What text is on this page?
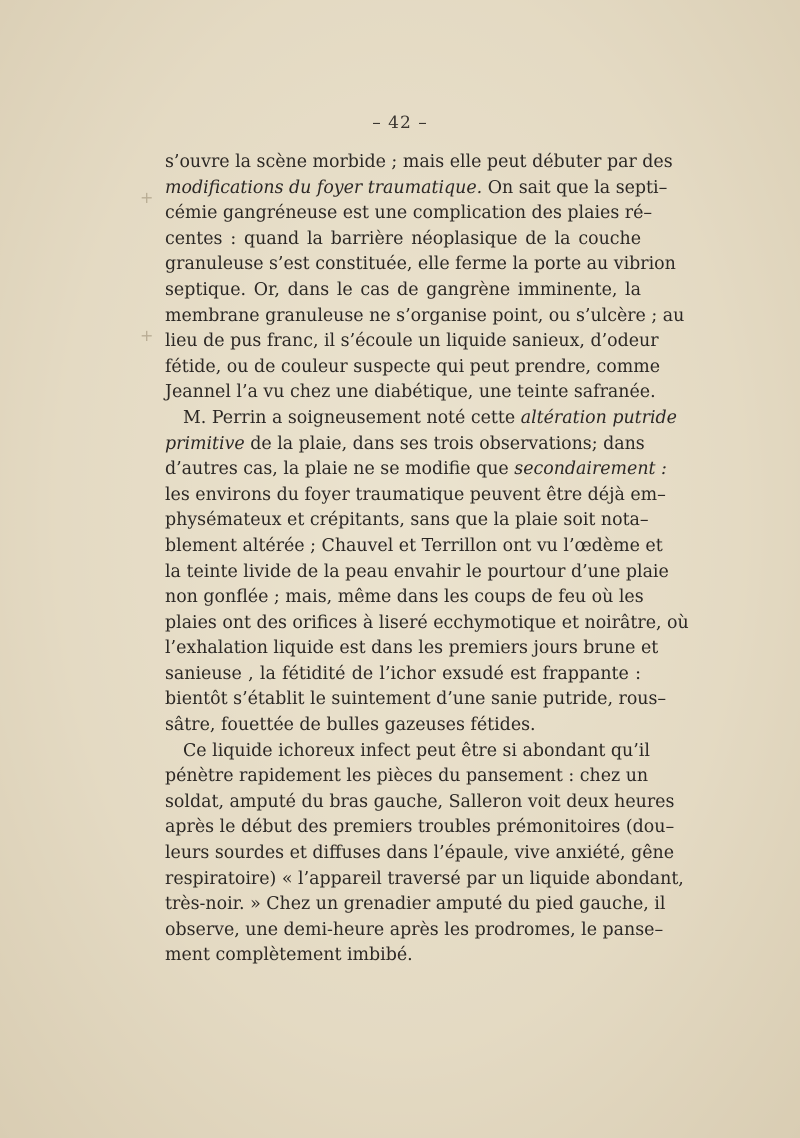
+
+
– 42 –
s’ouvre la scène morbide ; mais elle peut débuter par des
modifications du foyer traumatique. On sait que la septi–
cémie gangréneuse est une complication des plaies ré–
centes : quand la barrière néoplasique de la couche
granuleuse s’est constituée, elle ferme la porte au vibrion
septique. Or, dans le cas de gangrène imminente, la
membrane granuleuse ne s’organise point, ou s’ulcère ; au
lieu de pus franc, il s’écoule un liquide sanieux, d’odeur
fétide, ou de couleur suspecte qui peut prendre, comme
Jeannel l’a vu chez une diabétique, une teinte safranée.
M. Perrin a soigneusement noté cette altération putride
primitive de la plaie, dans ses trois observations; dans
d’autres cas, la plaie ne se modifie que secondairement :
les environs du foyer traumatique peuvent être déjà em–
physémateux et crépitants, sans que la plaie soit nota–
blement altérée ; Chauvel et Terrillon ont vu l’œdème et
la teinte livide de la peau envahir le pourtour d’une plaie
non gonflée ; mais, même dans les coups de feu où les
plaies ont des orifices à liseré ecchymotique et noirâtre, où
l’exhalation liquide est dans les premiers jours brune et
sanieuse , la fétidité de l’ichor exsudé est frappante :
bientôt s’établit le suintement d’une sanie putride, rous–
sâtre, fouettée de bulles gazeuses fétides.
Ce liquide ichoreux infect peut être si abondant qu’il
pénètre rapidement les pièces du pansement : chez un
soldat, amputé du bras gauche, Salleron voit deux heures
après le début des premiers troubles prémonitoires (dou–
leurs sourdes et diffuses dans l’épaule, vive anxiété, gêne
respiratoire) « l’appareil traversé par un liquide abondant,
très-noir. » Chez un grenadier amputé du pied gauche, il
observe, une demi-heure après les prodromes, le panse–
ment complètement imbibé.
